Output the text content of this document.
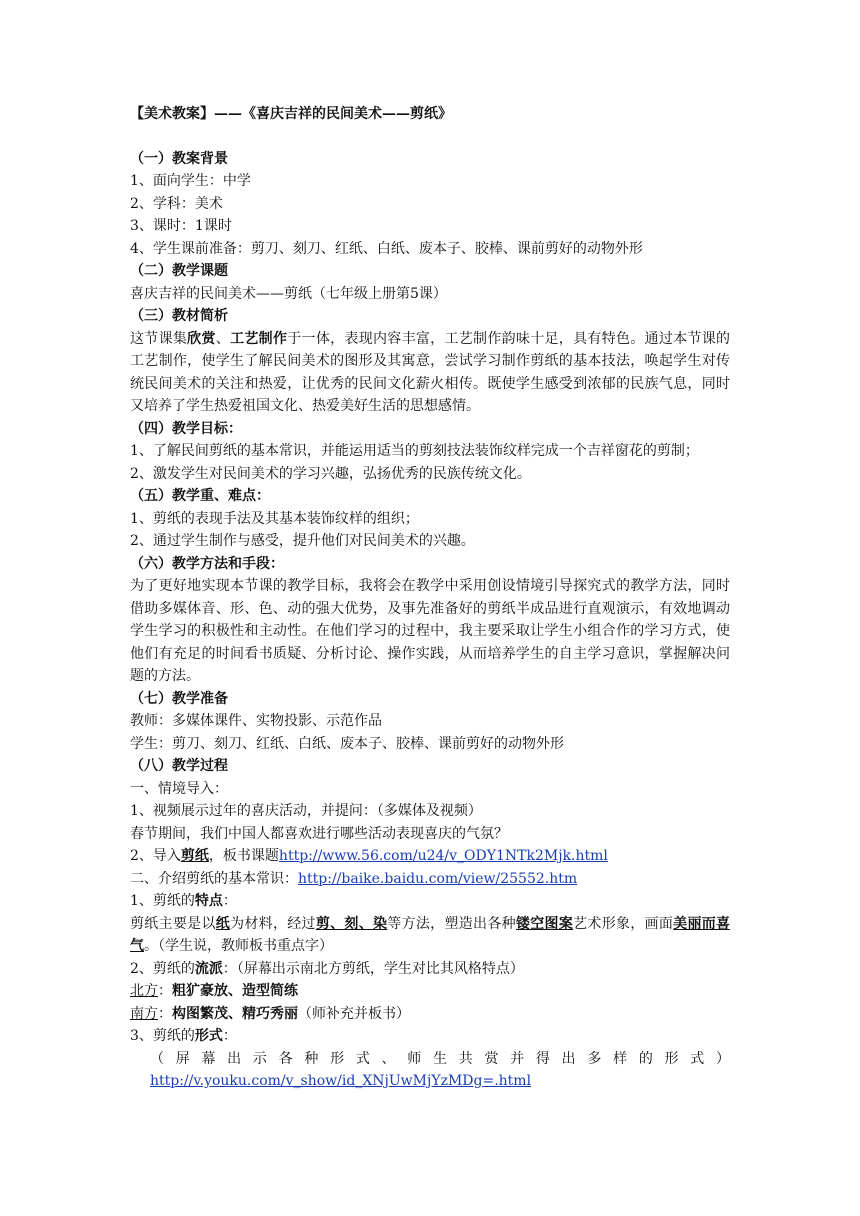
【美术教案】——《喜庆吉祥的民间美术——剪纸》
（一）教案背景
1、面向学生：中学
2、学科：美术
3、课时：1课时
4、学生课前准备：剪刀、刻刀、红纸、白纸、废本子、胶棒、课前剪好的动物外形
（二）教学课题
喜庆吉祥的民间美术——剪纸（七年级上册第5课）
（三）教材简析
这节课集欣赏、工艺制作于一体，表现内容丰富，工艺制作韵味十足，具有特色。通过本节课的工艺制作，使学生了解民间美术的图形及其寓意，尝试学习制作剪纸的基本技法，唤起学生对传统民间美术的关注和热爱，让优秀的民间文化薪火相传。既使学生感受到浓郁的民族气息，同时又培养了学生热爱祖国文化、热爱美好生活的思想感情。
（四）教学目标：
1、了解民间剪纸的基本常识，并能运用适当的剪刻技法装饰纹样完成一个吉祥窗花的剪制；
2、激发学生对民间美术的学习兴趣，弘扬优秀的民族传统文化。
（五）教学重、难点：
1、剪纸的表现手法及其基本装饰纹样的组织；
2、通过学生制作与感受，提升他们对民间美术的兴趣。
（六）教学方法和手段：
为了更好地实现本节课的教学目标，我将会在教学中采用创设情境引导探究式的教学方法，同时借助多媒体音、形、色、动的强大优势，及事先准备好的剪纸半成品进行直观演示，有效地调动学生学习的积极性和主动性。在他们学习的过程中，我主要采取让学生小组合作的学习方式，使他们有充足的时间看书质疑、分析讨论、操作实践，从而培养学生的自主学习意识，掌握解决问题的方法。
（七）教学准备
教师：多媒体课件、实物投影、示范作品
学生：剪刀、刻刀、红纸、白纸、废本子、胶棒、课前剪好的动物外形
（八）教学过程
一、情境导入：
1、视频展示过年的喜庆活动，并提问：（多媒体及视频）
春节期间，我们中国人都喜欢进行哪些活动表现喜庆的气氛？
2、导入剪纸，板书课题http://www.56.com/u24/v_ODY1NTk2Mjk.html
二、介绍剪纸的基本常识：http://baike.baidu.com/view/25552.htm
1、剪纸的特点：
剪纸主要是以纸为材料，经过剪、刻、染等方法，塑造出各种镂空图案艺术形象，画面美丽而喜气。（学生说，教师板书重点字）
2、剪纸的流派：（屏幕出示南北方剪纸，学生对比其风格特点）
北方：粗犷豪放、造型简练
南方：构图繁茂、精巧秀丽（师补充并板书）
3、剪纸的形式：
（屏幕出示各种形式、师生共赏并得出多样的形式）
http://v.youku.com/v_show/id_XNjUwMjYzMDg=.html
